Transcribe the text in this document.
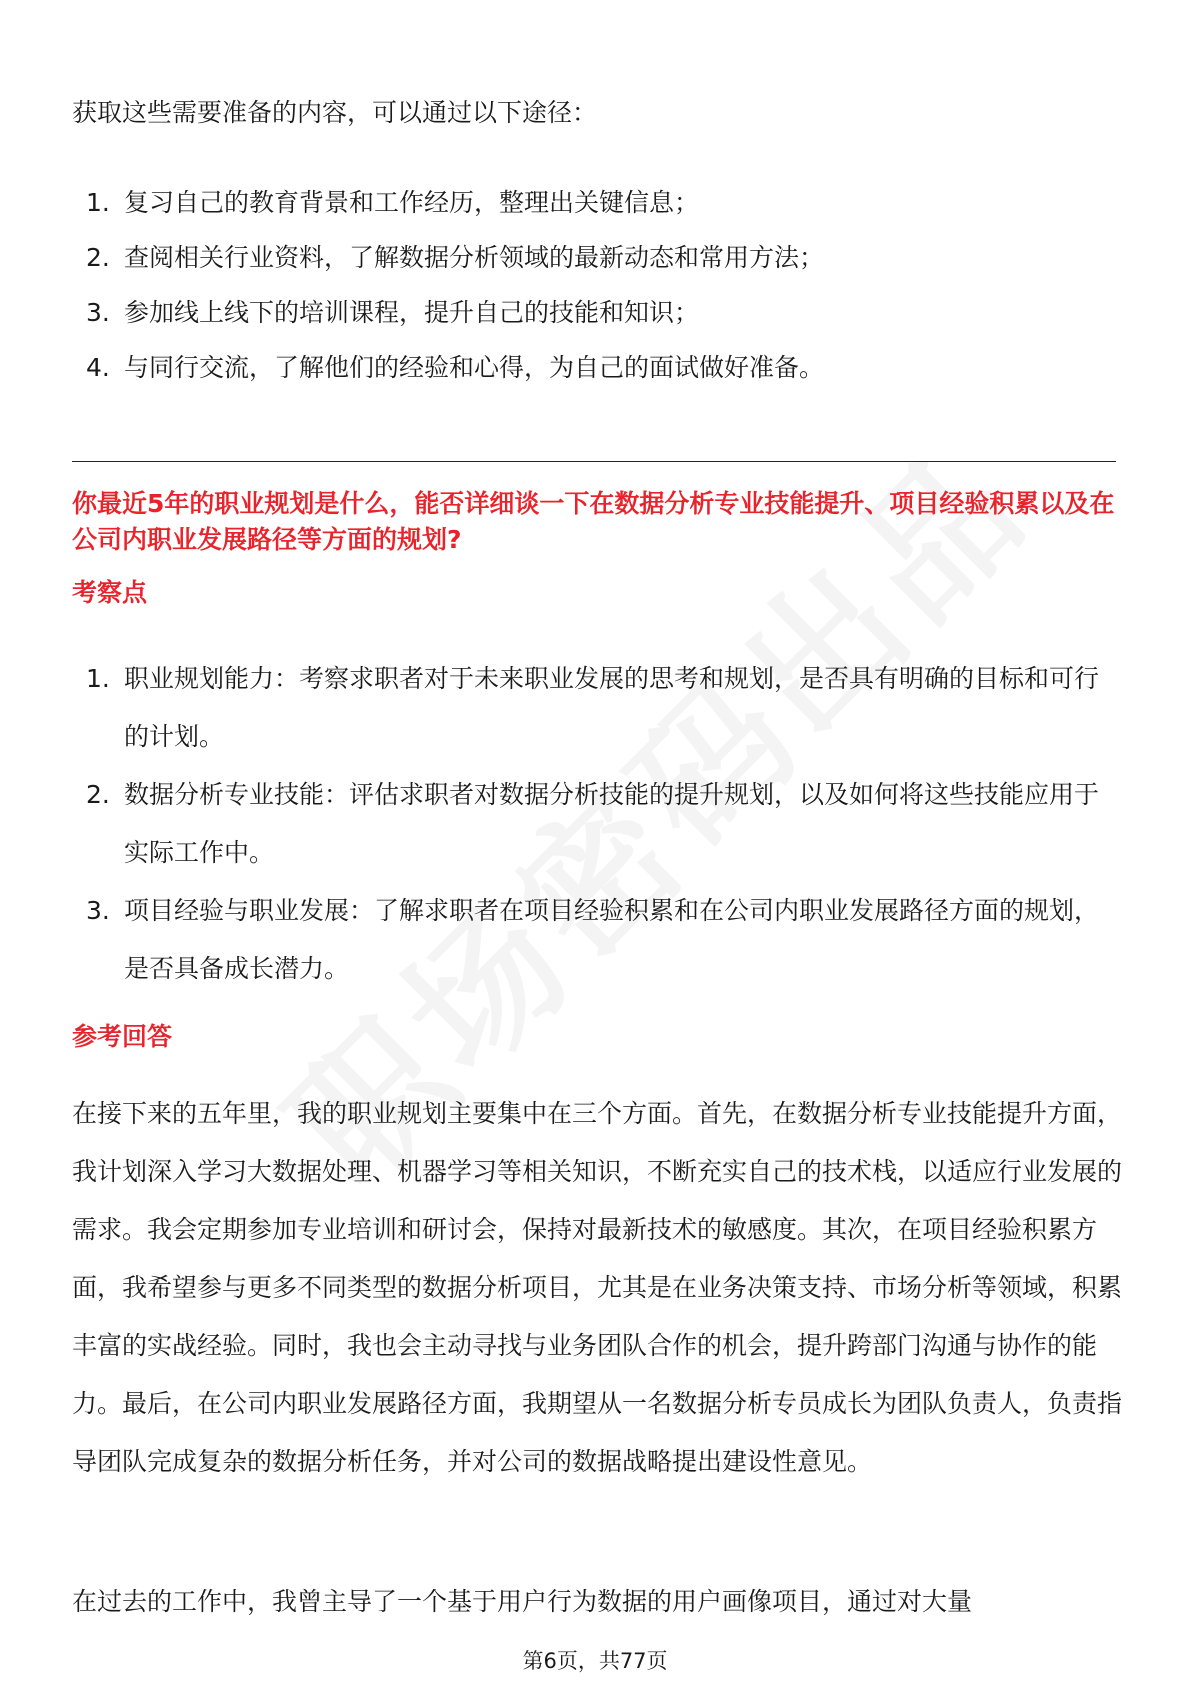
获取这些需要准备的内容，可以通过以下途径：

1. 复习自己的教育背景和工作经历，整理出关键信息；
2. 查阅相关行业资料，了解数据分析领域的最新动态和常用方法；
3. 参加线上线下的培训课程，提升自己的技能和知识；
4. 与同行交流，了解他们的经验和心得，为自己的面试做好准备。

你最近5年的职业规划是什么，能否详细谈一下在数据分析专业技能提升、项目经验积累以及在公司内职业发展路径等方面的规划?

考察点

1. 职业规划能力：考察求职者对于未来职业发展的思考和规划，是否具有明确的目标和可行的计划。
2. 数据分析专业技能：评估求职者对数据分析技能的提升规划，以及如何将这些技能应用于实际工作中。
3. 项目经验与职业发展：了解求职者在项目经验积累和在公司内职业发展路径方面的规划，是否具备成长潜力。

参考回答

在接下来的五年里，我的职业规划主要集中在三个方面。首先，在数据分析专业技能提升方面，我计划深入学习大数据处理、机器学习等相关知识，不断充实自己的技术栈，以适应行业发展的需求。我会定期参加专业培训和研讨会，保持对最新技术的敏感度。其次，在项目经验积累方面，我希望参与更多不同类型的数据分析项目，尤其是在业务决策支持、市场分析等领域，积累丰富的实战经验。同时，我也会主动寻找与业务团队合作的机会，提升跨部门沟通与协作的能力。最后，在公司内职业发展路径方面，我期望从一名数据分析专员成长为团队负责人，负责指导团队完成复杂的数据分析任务，并对公司的数据战略提出建设性意见。

在过去的工作中，我曾主导了一个基于用户行为数据的用户画像项目，通过对大量

第6页，共77页
